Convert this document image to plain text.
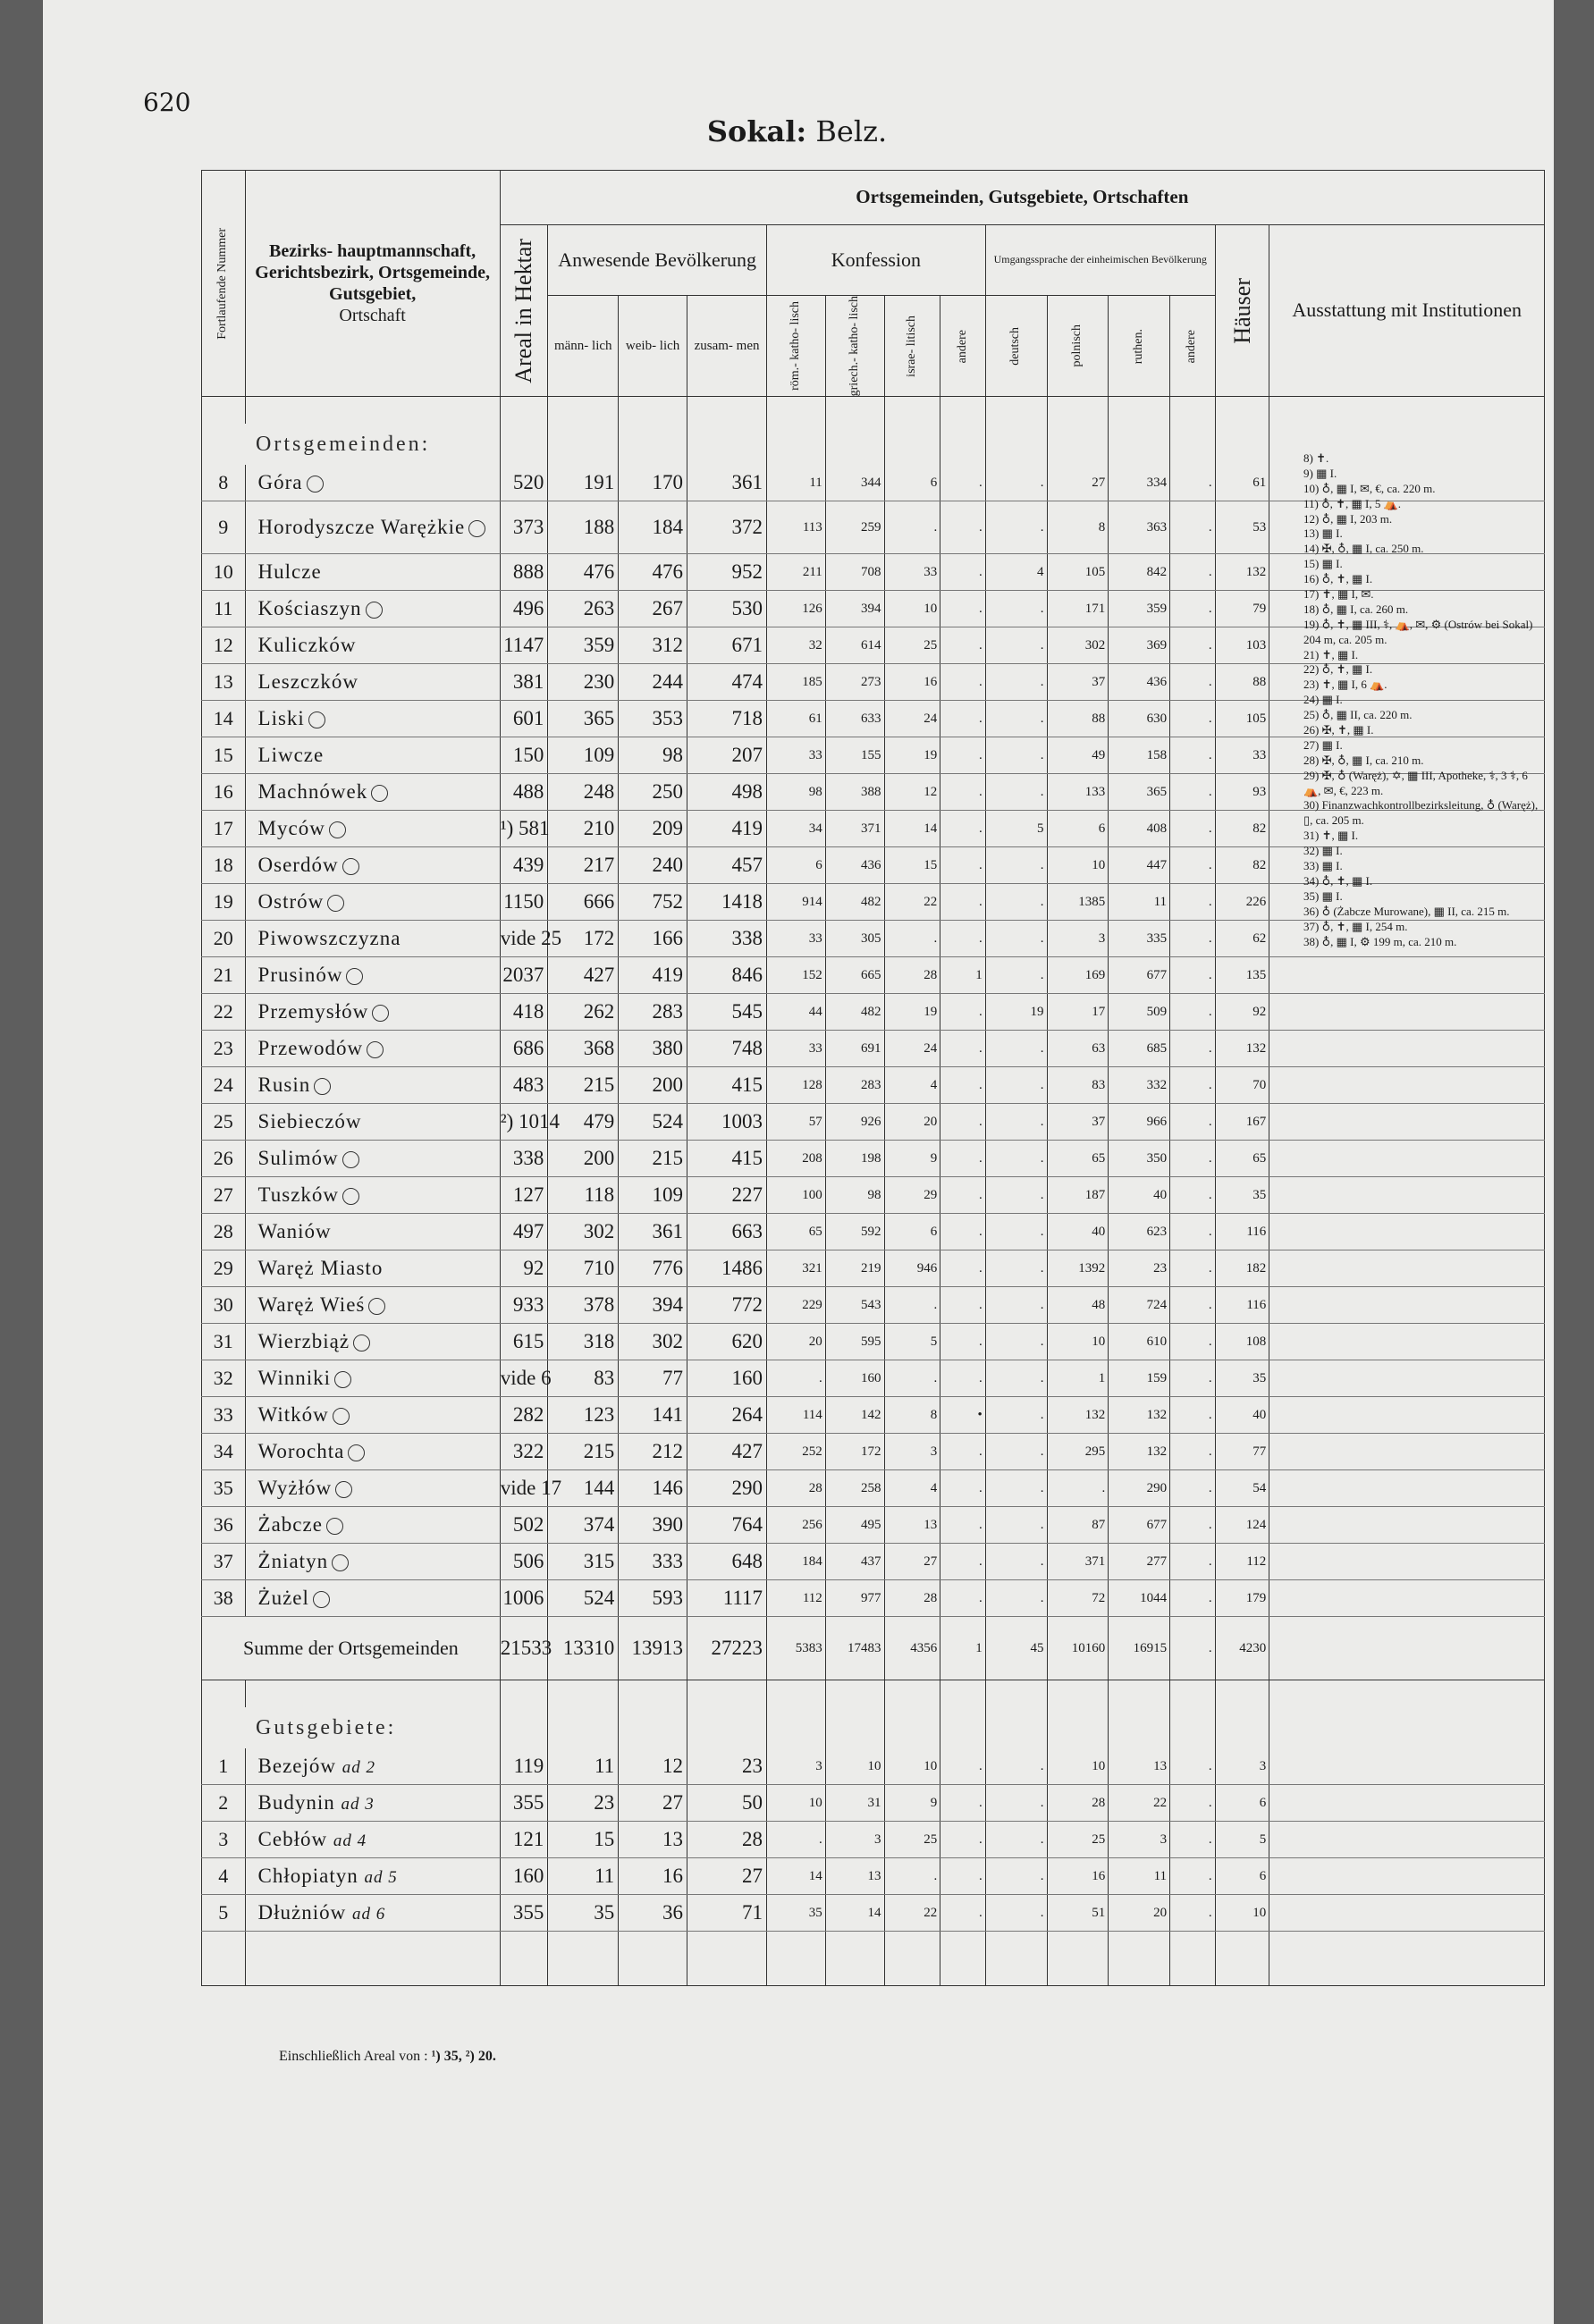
620
Sokal: Belz.
Fortlaufende Nummer	Bezirks- hauptmannschaft, Gerichtsbezirk, Ortsgemeinde, Gutsgebiet,
Ortschaft	Ortsgemeinden, Gutsgebiete, Ortschaften													

		Areal in Hektar	Anwesende Bevölkerung			Konfession				Umgangssprache der einheimischen Bevölkerung				Häuser	Ausstattung mit Institutionen
			männ- lich	weib- lich	zusam- men	röm.- katho- lisch	griech.- katho- lisch	israe- litisch	andere	deutsch	polnisch	ruthen.	andere		

Ortsgemeinden:															
8	Góra	520	191	170	361	11	344	6	.	.	27	334	.	61	
9	Horodyszcze Warężkie	373	188	184	372	113	259	.	.	.	8	363	.	53	
10	Hulcze	888	476	476	952	211	708	33	.	4	105	842	.	132	
11	Kościaszyn	496	263	267	530	126	394	10	.	.	171	359	.	79	
12	Kuliczków	1147	359	312	671	32	614	25	.	.	302	369	.	103	
13	Leszczków	381	230	244	474	185	273	16	.	.	37	436	.	88	
14	Liski	601	365	353	718	61	633	24	.	.	88	630	.	105	
15	Liwcze	150	109	98	207	33	155	19	.	.	49	158	.	33	
16	Machnówek	488	248	250	498	98	388	12	.	.	133	365	.	93	
17	Myców	¹) 581	210	209	419	34	371	14	.	5	6	408	.	82	
18	Oserdów	439	217	240	457	6	436	15	.	.	10	447	.	82	
19	Ostrów	1150	666	752	1418	914	482	22	.	.	1385	11	.	226	
20	Piwowszczyzna	vide 25	172	166	338	33	305	.	.	.	3	335	.	62	
21	Prusinów	2037	427	419	846	152	665	28	1	.	169	677	.	135	
22	Przemysłów	418	262	283	545	44	482	19	.	19	17	509	.	92	
23	Przewodów	686	368	380	748	33	691	24	.	.	63	685	.	132	
24	Rusin	483	215	200	415	128	283	4	.	.	83	332	.	70	
25	Siebieczów	²) 1014	479	524	1003	57	926	20	.	.	37	966	.	167	
26	Sulimów	338	200	215	415	208	198	9	.	.	65	350	.	65	
27	Tuszków	127	118	109	227	100	98	29	.	.	187	40	.	35	
28	Waniów	497	302	361	663	65	592	6	.	.	40	623	.	116	
29	Waręż Miasto	92	710	776	1486	321	219	946	.	.	1392	23	.	182	
30	Waręż Wieś	933	378	394	772	229	543	.	.	.	48	724	.	116	
31	Wierzbiąż	615	318	302	620	20	595	5	.	.	10	610	.	108	
32	Winniki	vide 6	83	77	160	.	160	.	.	.	1	159	.	35	
33	Witków	282	123	141	264	114	142	8	•	.	132	132	.	40	
34	Worochta	322	215	212	427	252	172	3	.	.	295	132	.	77	
35	Wyżłów	vide 17	144	146	290	28	258	4	.	.	.	290	.	54	
36	Żabcze	502	374	390	764	256	495	13	.	.	87	677	.	124	
37	Żniatyn	506	315	333	648	184	437	27	.	.	371	277	.	112	
38	Żużel	1006	524	593	1117	112	977	28	.	.	72	1044	.	179	
Summe der Ortsgemeinden		21533	13310	13913	27223	5383	17483	4356	1	45	10160	16915	.	4230	

Gutsgebiete:															
1	Bezejów ad 2	119	11	12	23	3	10	10	.	.	10	13	.	3	
2	Budynin ad 3	355	23	27	50	10	31	9	.	.	28	22	.	6	
3	Cebłów ad 4	121	15	13	28	.	3	25	.	.	25	3	.	5	
4	Chłopiatyn ad 5	160	11	16	27	14	13	.	.	.	16	11	.	6	
5	Dłużniów ad 6	355	35	36	71	35	14	22	.	.	51	20	.	10	

8) ✝.
9) ▦ I.
10) ♁, ▦ I, ✉, €, ca. 220 m.
11) ♁, ✝, ▦ I, 5 ⛺.
12) ♁, ▦ I, 203 m.
13) ▦ I.
14) ✠, ♁, ▦ I, ca. 250 m.
15) ▦ I.
16) ♁, ✝, ▦ I.
17) ✝, ▦ I, ✉.
18) ♁, ▦ I, ca. 260 m.
19) ♁, ✝, ▦ III, ⚕, ⛺, ✉, ⚙ (Ostrów bei Sokal) 204 m, ca. 205 m.
21) ✝, ▦ I.
22) ♁, ✝, ▦ I.
23) ✝, ▦ I, 6 ⛺.
24) ▦ I.
25) ♁, ▦ II, ca. 220 m.
26) ✠, ✝, ▦ I.
27) ▦ I.
28) ✠, ♁, ▦ I, ca. 210 m.
29) ✠, ♁ (Waręż), ✡, ▦ III, Apotheke, ⚕, 3 ⚕, 6 ⛺, ✉, €, 223 m.
30) Finanzwachkontrollbezirksleitung, ♁ (Waręż), ▯, ca. 205 m.
31) ✝, ▦ I.
32) ▦ I.
33) ▦ I.
34) ♁, ✝, ▦ I.
35) ▦ I.
36) ♁ (Żabcze Murowane), ▦ II, ca. 215 m.
37) ♁, ✝, ▦ I, 254 m.
38) ♁, ▦ I, ⚙ 199 m, ca. 210 m.
Einschließlich Areal von : ¹) 35, ²) 20.
